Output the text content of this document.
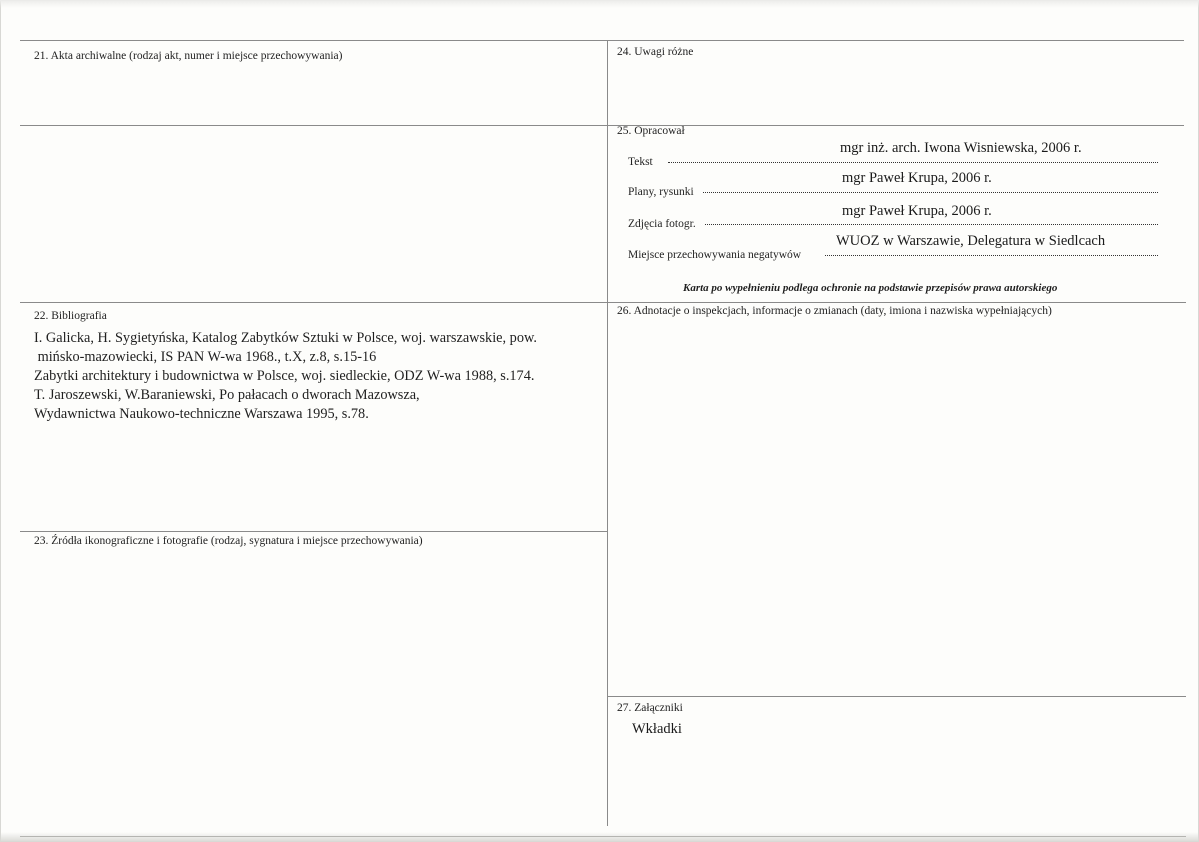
21. Akta archiwalne (rodzaj akt, numer i miejsce przechowywania)	24. Uwagi różne
25. Opracował
mgr inż. arch. Iwona Wisniewska, 2006 r.
Tekst
mgr Paweł Krupa, 2006 r.
Plany, rysunki
mgr Paweł Krupa, 2006 r.
Zdjęcia fotogr.
WUOZ w Warszawie, Delegatura w Siedlcach
Miejsce przechowywania negatywów
Karta po wypełnieniu podlega ochronie na podstawie przepisów prawa autorskiego
22. Bibliografia
I. Galicka, H. Sygietyńska, Katalog Zabytków Sztuki w Polsce, woj. warszawskie, pow.
mińsko-mazowiecki, IS PAN W-wa 1968., t.X, z.8, s.15-16
Zabytki architektury i budownictwa w Polsce, woj. siedleckie, ODZ W-wa 1988, s.174.
T. Jaroszewski, W.Baraniewski, Po pałacach o dworach Mazowsza,
Wydawnictwa Naukowo-techniczne Warszawa 1995, s.78.
23. Źródła ikonograficzne i fotografie (rodzaj, sygnatura i miejsce przechowywania)
26. Adnotacje o inspekcjach, informacje o zmianach (daty, imiona i nazwiska wypełniających)
27. Załączniki
Wkładki
